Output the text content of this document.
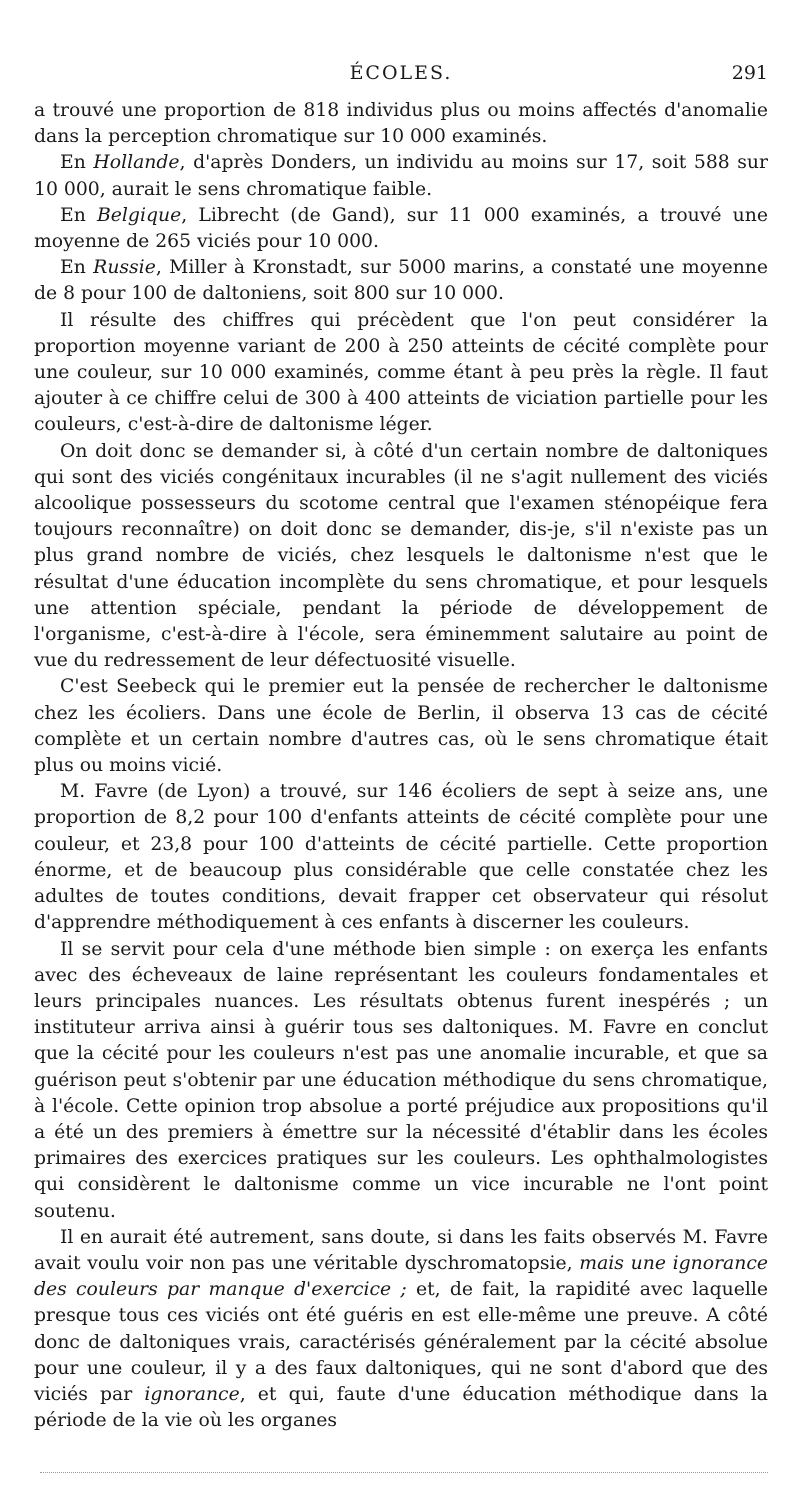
ÉCOLES.	291

a trouvé une proportion de 818 individus plus ou moins affectés d'anomalie dans la perception chromatique sur 10 000 examinés.

En Hollande, d'après Donders, un individu au moins sur 17, soit 588 sur 10 000, aurait le sens chromatique faible.

En Belgique, Librecht (de Gand), sur 11 000 examinés, a trouvé une moyenne de 265 viciés pour 10 000.

En Russie, Miller à Kronstadt, sur 5000 marins, a constaté une moyenne de 8 pour 100 de daltoniens, soit 800 sur 10 000.

Il résulte des chiffres qui précèdent que l'on peut considérer la proportion moyenne variant de 200 à 250 atteints de cécité complète pour une couleur, sur 10 000 examinés, comme étant à peu près la règle. Il faut ajouter à ce chiffre celui de 300 à 400 atteints de viciation partielle pour les couleurs, c'est-à-dire de daltonisme léger.

On doit donc se demander si, à côté d'un certain nombre de daltoniques qui sont des viciés congénitaux incurables (il ne s'agit nullement des viciés alcoolique possesseurs du scotome central que l'examen sténopéique fera toujours reconnaître) on doit donc se demander, dis-je, s'il n'existe pas un plus grand nombre de viciés, chez lesquels le daltonisme n'est que le résultat d'une éducation incomplète du sens chromatique, et pour lesquels une attention spéciale, pendant la période de développement de l'organisme, c'est-à-dire à l'école, sera éminemment salutaire au point de vue du redressement de leur défectuosité visuelle.

C'est Seebeck qui le premier eut la pensée de rechercher le daltonisme chez les écoliers. Dans une école de Berlin, il observa 13 cas de cécité complète et un certain nombre d'autres cas, où le sens chromatique était plus ou moins vicié.

M. Favre (de Lyon) a trouvé, sur 146 écoliers de sept à seize ans, une proportion de 8,2 pour 100 d'enfants atteints de cécité complète pour une couleur, et 23,8 pour 100 d'atteints de cécité partielle. Cette proportion énorme, et de beaucoup plus considérable que celle constatée chez les adultes de toutes conditions, devait frapper cet observateur qui résolut d'apprendre méthodiquement à ces enfants à discerner les couleurs.

Il se servit pour cela d'une méthode bien simple : on exerça les enfants avec des écheveaux de laine représentant les couleurs fondamentales et leurs principales nuances. Les résultats obtenus furent inespérés ; un instituteur arriva ainsi à guérir tous ses daltoniques. M. Favre en conclut que la cécité pour les couleurs n'est pas une anomalie incurable, et que sa guérison peut s'obtenir par une éducation méthodique du sens chromatique, à l'école. Cette opinion trop absolue a porté préjudice aux propositions qu'il a été un des premiers à émettre sur la nécessité d'établir dans les écoles primaires des exercices pratiques sur les couleurs. Les ophthalmologistes qui considèrent le daltonisme comme un vice incurable ne l'ont point soutenu.

Il en aurait été autrement, sans doute, si dans les faits observés M. Favre avait voulu voir non pas une véritable dyschromatopsie, mais une ignorance des couleurs par manque d'exercice ; et, de fait, la rapidité avec laquelle presque tous ces viciés ont été guéris en est elle-même une preuve. A côté donc de daltoniques vrais, caractérisés généralement par la cécité absolue pour une couleur, il y a des faux daltoniques, qui ne sont d'abord que des viciés par ignorance, et qui, faute d'une éducation méthodique dans la période de la vie où les organes
